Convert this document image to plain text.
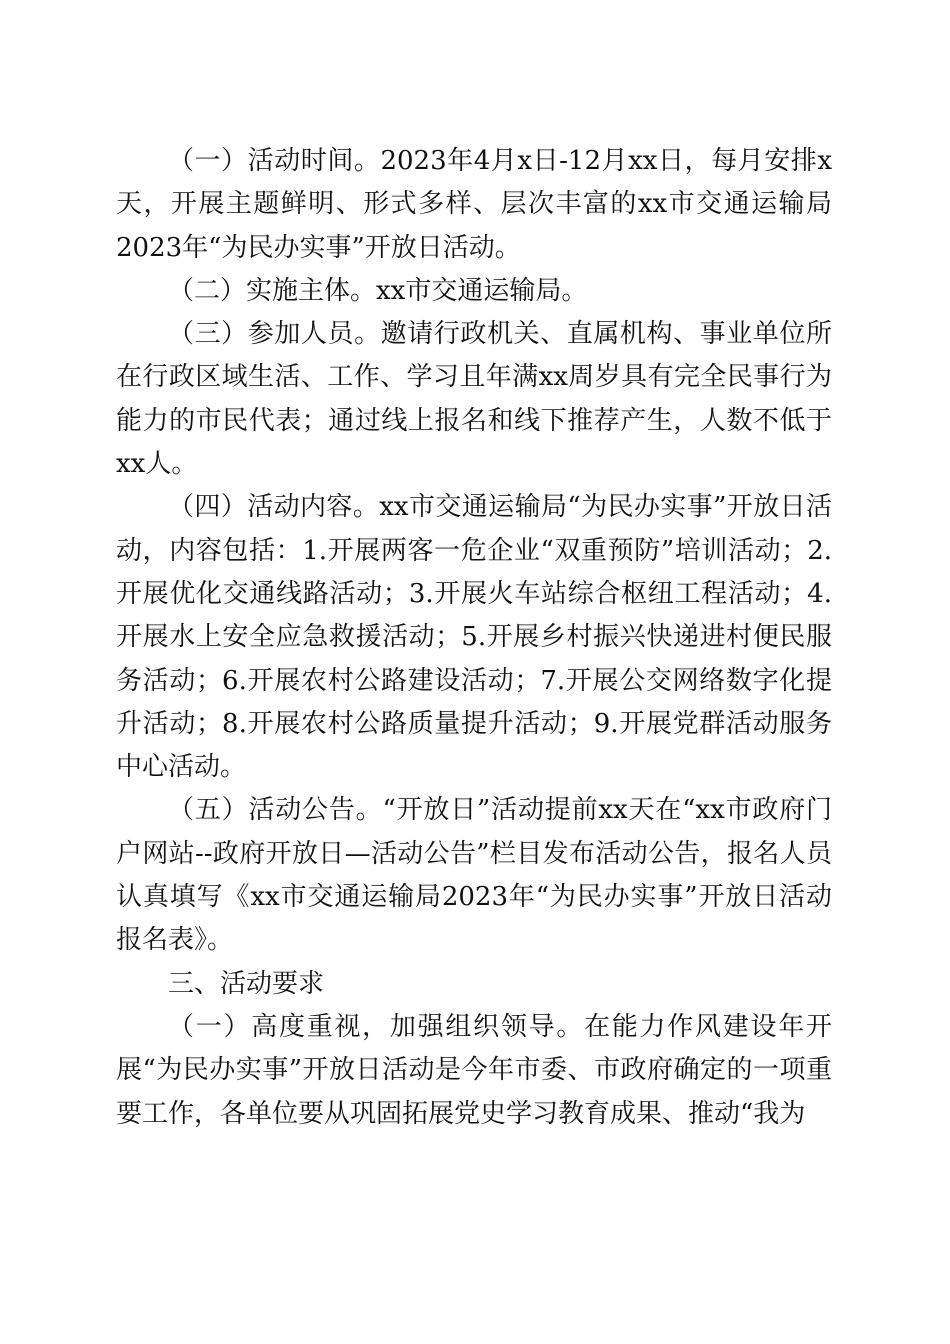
（一）活动时间。2023年4月x日-12月xx日，每月安排x天，开展主题鲜明、形式多样、层次丰富的xx市交通运输局2023年“为民办实事”开放日活动。

（二）实施主体。xx市交通运输局。

（三）参加人员。邀请行政机关、直属机构、事业单位所在行政区域生活、工作、学习且年满xx周岁具有完全民事行为能力的市民代表；通过线上报名和线下推荐产生，人数不低于xx人。

（四）活动内容。xx市交通运输局“为民办实事”开放日活动，内容包括：1.开展两客一危企业“双重预防”培训活动；2.开展优化交通线路活动；3.开展火车站综合枢纽工程活动；4.开展水上安全应急救援活动；5.开展乡村振兴快递进村便民服务活动；6.开展农村公路建设活动；7.开展公交网络数字化提升活动；8.开展农村公路质量提升活动；9.开展党群活动服务中心活动。

（五）活动公告。“开放日”活动提前xx天在“xx市政府门户网站--政府开放日—活动公告”栏目发布活动公告，报名人员认真填写《xx市交通运输局2023年“为民办实事”开放日活动报名表》。

三、活动要求

（一）高度重视，加强组织领导。在能力作风建设年开展“为民办实事”开放日活动是今年市委、市政府确定的一项重要工作，各单位要从巩固拓展党史学习教育成果、推动“我为
